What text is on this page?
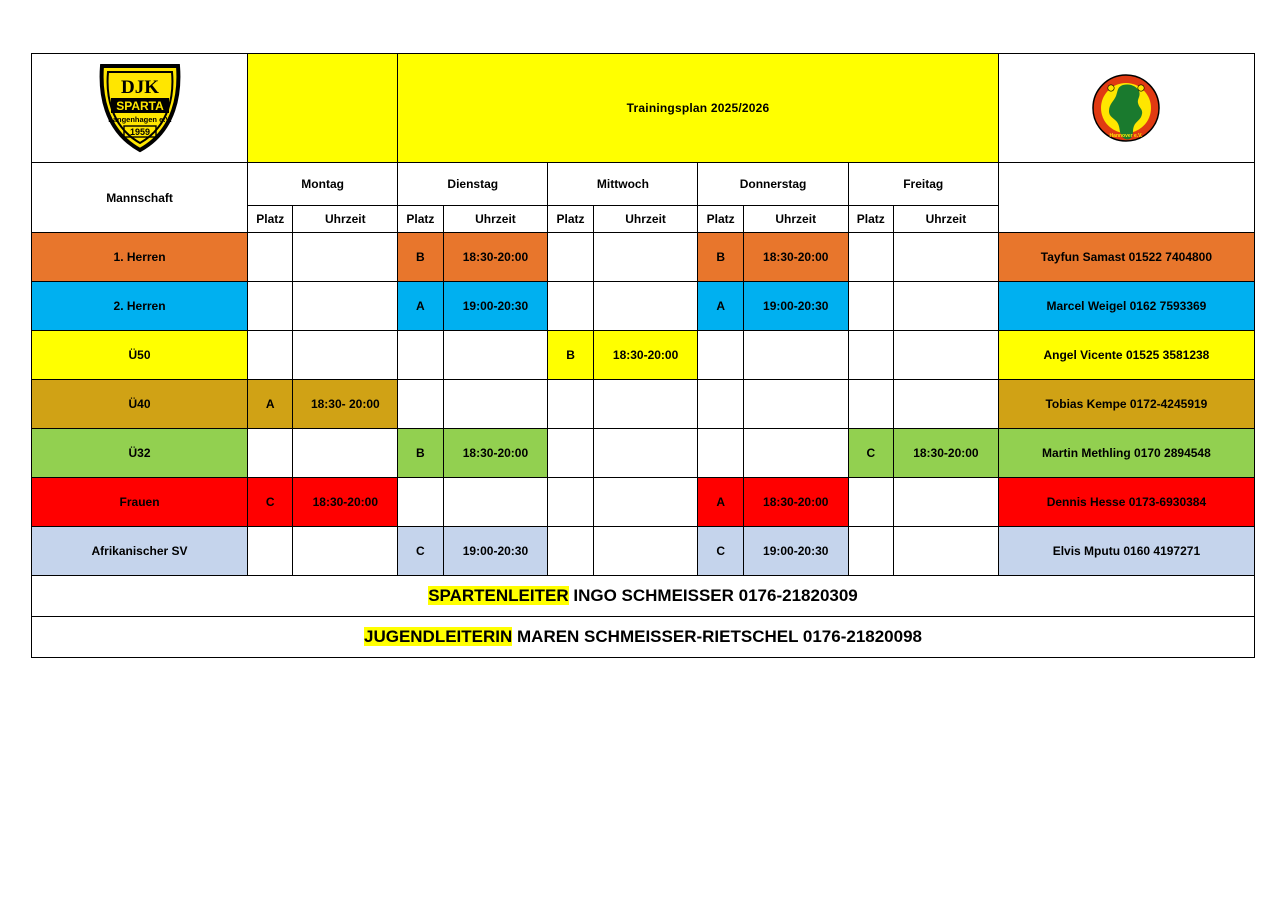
DJK
SPARTA
Langenhagen e.V.
1959			Trainingsplan 2025/2026								Hannover e.V.

Mannschaft	Montag		Dienstag		Mittwoch		Donnerstag		Freitag		
	Platz	Uhrzeit	Platz	Uhrzeit	Platz	Uhrzeit	Platz	Uhrzeit	Platz	Uhrzeit	
1. Herren			B	18:30-20:00			B	18:30-20:00			Tayfun Samast 01522 7404800
2. Herren			A	19:00-20:30			A	19:00-20:30			Marcel Weigel 0162 7593369
Ü50					B	18:30-20:00					Angel Vicente 01525 3581238
Ü40	A	18:30- 20:00									Tobias Kempe 0172-4245919
Ü32			B	18:30-20:00					C	18:30-20:00	Martin Methling 0170 2894548
Frauen	C	18:30-20:00					A	18:30-20:00			Dennis Hesse 0173-6930384
Afrikanischer SV			C	19:00-20:30			C	19:00-20:30			Elvis Mputu 0160 4197271
SPARTENLEITER INGO SCHMEISSER 0176-21820309											
JUGENDLEITERIN MAREN SCHMEISSER-RIETSCHEL 0176-21820098											
